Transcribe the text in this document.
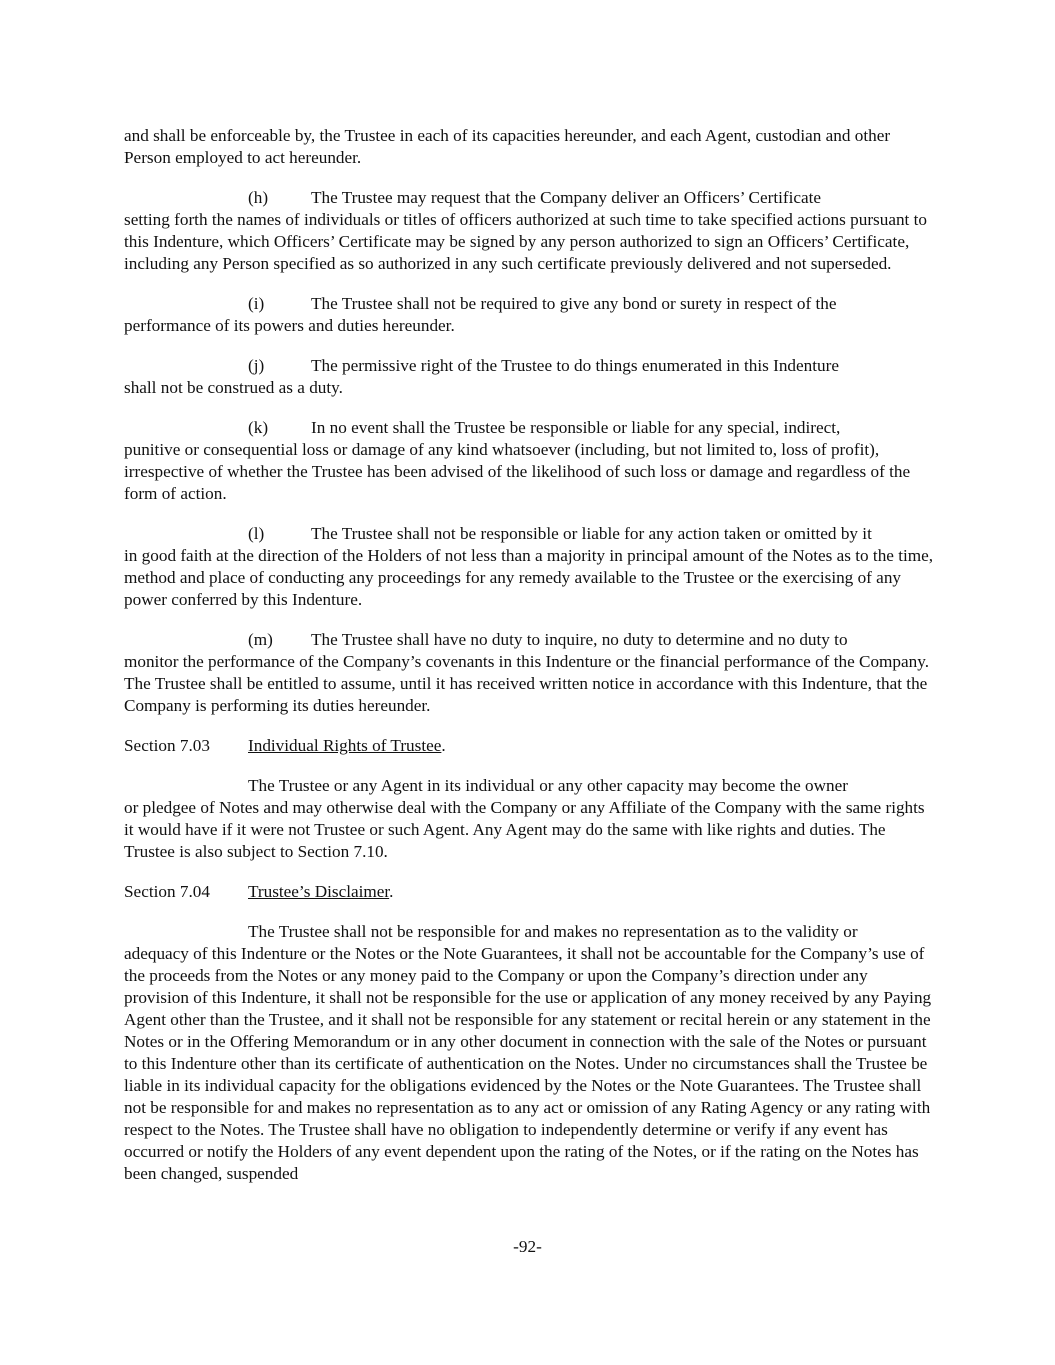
and shall be enforceable by, the Trustee in each of its capacities hereunder, and each Agent, custodian and other Person employed to act hereunder.

(h) The Trustee may request that the Company deliver an Officers’ Certificate
setting forth the names of individuals or titles of officers authorized at such time to take specified actions pursuant to this Indenture, which Officers’ Certificate may be signed by any person authorized to sign an Officers’ Certificate, including any Person specified as so authorized in any such certificate previously delivered and not superseded.
(i)	The Trustee shall not be required to give any bond or surety in respect of the
performance of its powers and duties hereunder.
(j)	The permissive right of the Trustee to do things enumerated in this Indenture
shall not be construed as a duty.
(k) In no event shall the Trustee be responsible or liable for any special, indirect,
punitive or consequential loss or damage of any kind whatsoever (including, but not limited to, loss of profit), irrespective of whether the Trustee has been advised of the likelihood of such loss or damage and regardless of the form of action.
(l)	The Trustee shall not be responsible or liable for any action taken or omitted by it
in good faith at the direction of the Holders of not less than a majority in principal amount of the Notes as to the time, method and place of conducting any proceedings for any remedy available to the Trustee or the exercising of any power conferred by this Indenture.
(m) The Trustee shall have no duty to inquire, no duty to determine and no duty to
monitor the performance of the Company’s covenants in this Indenture or the financial performance of the Company. The Trustee shall be entitled to assume, until it has received written notice in accordance with this Indenture, that the Company is performing its duties hereunder.
Section 7.03 Individual Rights of Trustee.
The Trustee or any Agent in its individual or any other capacity may become the owner
or pledgee of Notes and may otherwise deal with the Company or any Affiliate of the Company with the same rights it would have if it were not Trustee or such Agent. Any Agent may do the same with like rights and duties. The Trustee is also subject to Section 7.10.
Section 7.04 Trustee’s Disclaimer.
The Trustee shall not be responsible for and makes no representation as to the validity or
adequacy of this Indenture or the Notes or the Note Guarantees, it shall not be accountable for the Company’s use of the proceeds from the Notes or any money paid to the Company or upon the Company’s direction under any provision of this Indenture, it shall not be responsible for the use or application of any money received by any Paying Agent other than the Trustee, and it shall not be responsible for any statement or recital herein or any statement in the Notes or in the Offering Memorandum or in any other document in connection with the sale of the Notes or pursuant to this Indenture other than its certificate of authentication on the Notes. Under no circumstances shall the Trustee be liable in its individual capacity for the obligations evidenced by the Notes or the Note Guarantees. The Trustee shall not be responsible for and makes no representation as to any act or omission of any Rating Agency or any rating with respect to the Notes. The Trustee shall have no obligation to independently determine or verify if any event has occurred or notify the Holders of any event dependent upon the rating of the Notes, or if the rating on the Notes has been changed, suspended
-92-
